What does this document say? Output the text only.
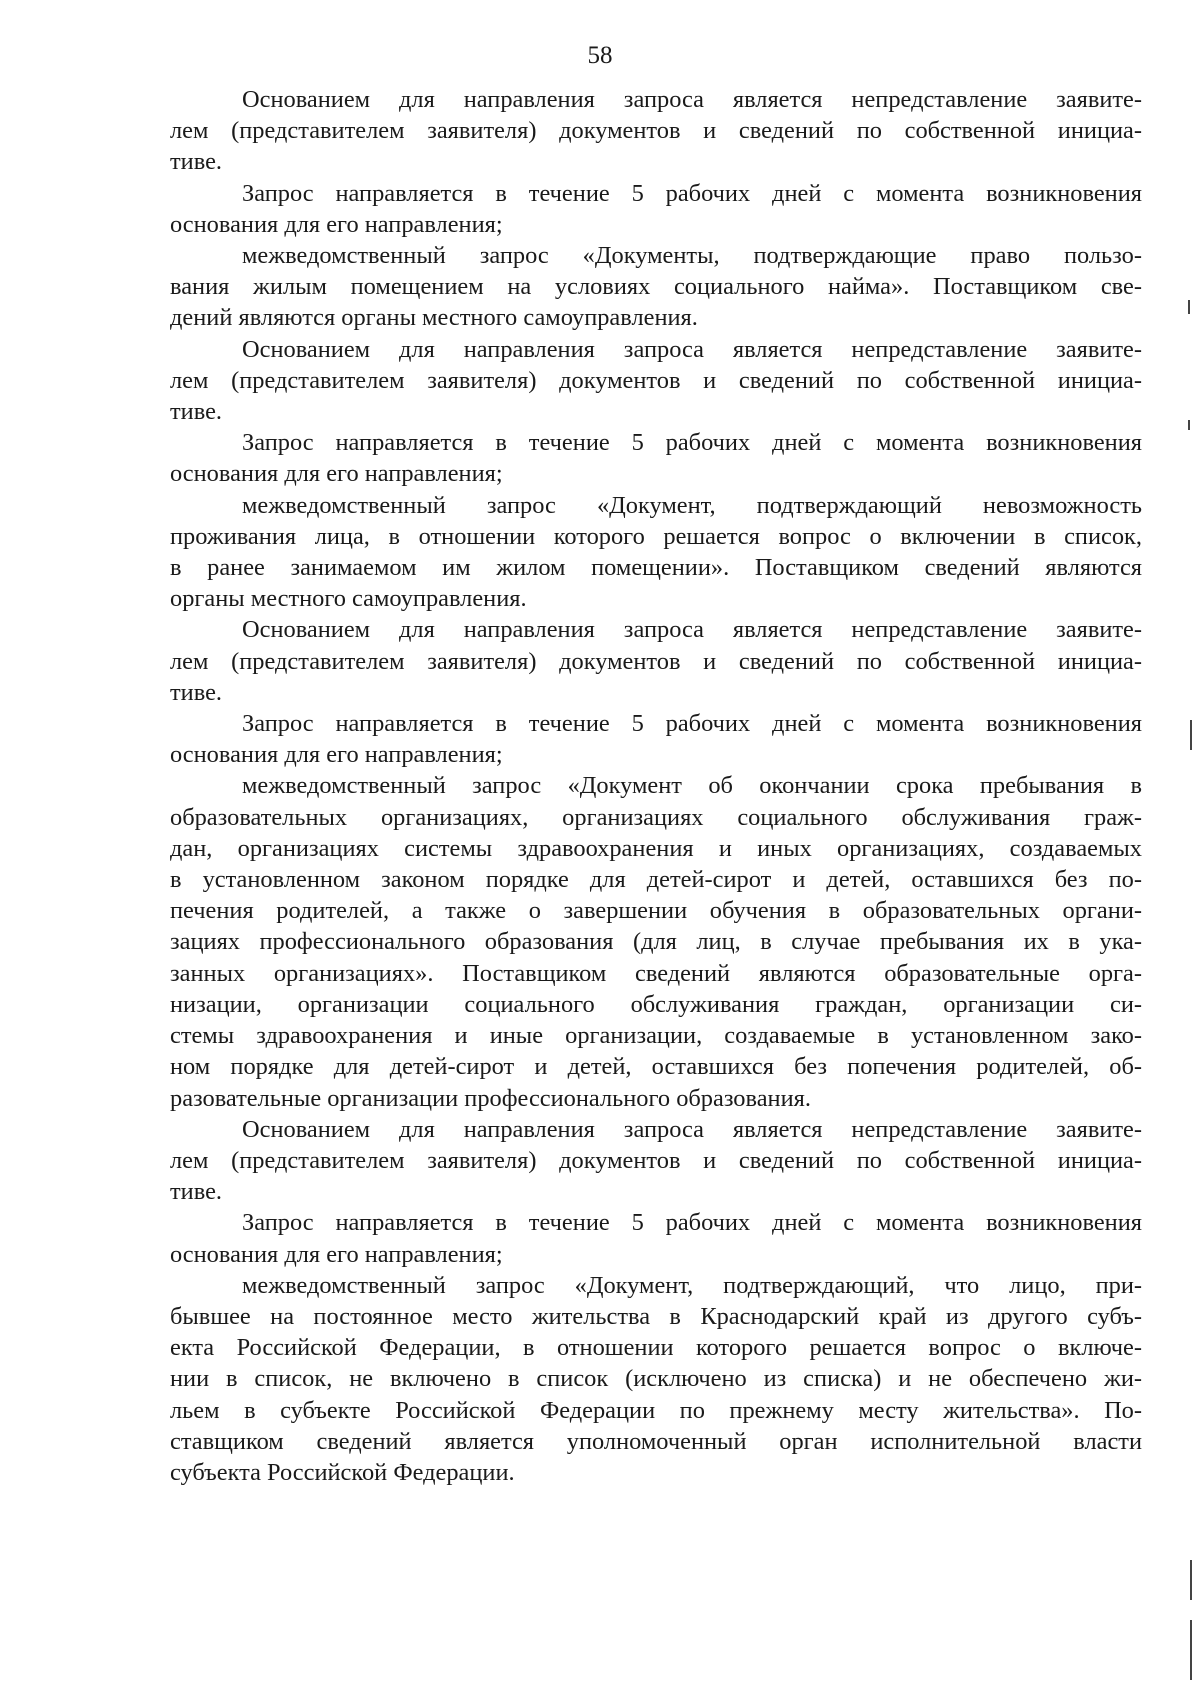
58

Основанием для направления запроса является непредставление заявите-
лем (представителем заявителя) документов и сведений по собственной инициа-
тиве.

Запрос направляется в течение 5 рабочих дней с момента возникновения
основания для его направления;

межведомственный запрос «Документы, подтверждающие право пользо-
вания жилым помещением на условиях социального найма». Поставщиком све-
дений являются органы местного самоуправления.

Основанием для направления запроса является непредставление заявите-
лем (представителем заявителя) документов и сведений по собственной инициа-
тиве.

Запрос направляется в течение 5 рабочих дней с момента возникновения
основания для его направления;

межведомственный запрос «Документ, подтверждающий невозможность
проживания лица, в отношении которого решается вопрос о включении в список,
в ранее занимаемом им жилом помещении». Поставщиком сведений являются
органы местного самоуправления.

Основанием для направления запроса является непредставление заявите-
лем (представителем заявителя) документов и сведений по собственной инициа-
тиве.

Запрос направляется в течение 5 рабочих дней с момента возникновения
основания для его направления;

межведомственный запрос «Документ об окончании срока пребывания в
образовательных организациях, организациях социального обслуживания граж-
дан, организациях системы здравоохранения и иных организациях, создаваемых
в установленном законом порядке для детей-сирот и детей, оставшихся без по-
печения родителей, а также о завершении обучения в образовательных органи-
зациях профессионального образования (для лиц, в случае пребывания их в ука-
занных организациях». Поставщиком сведений являются образовательные орга-
низации, организации социального обслуживания граждан, организации си-
стемы здравоохранения и иные организации, создаваемые в установленном зако-
ном порядке для детей-сирот и детей, оставшихся без попечения родителей, об-
разовательные организации профессионального образования.

Основанием для направления запроса является непредставление заявите-
лем (представителем заявителя) документов и сведений по собственной инициа-
тиве.

Запрос направляется в течение 5 рабочих дней с момента возникновения
основания для его направления;

межведомственный запрос «Документ, подтверждающий, что лицо, при-
бывшее на постоянное место жительства в Краснодарский край из другого субъ-
екта Российской Федерации, в отношении которого решается вопрос о включе-
нии в список, не включено в список (исключено из списка) и не обеспечено жи-
льем в субъекте Российской Федерации по прежнему месту жительства». По-
ставщиком сведений является уполномоченный орган исполнительной власти
субъекта Российской Федерации.
